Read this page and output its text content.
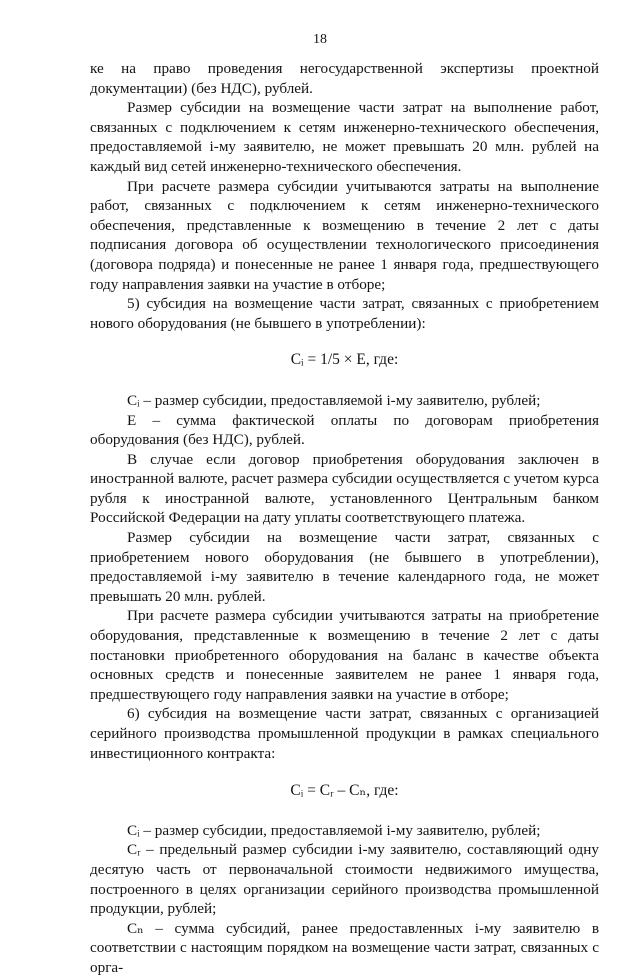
18

ке на право проведения негосударственной экспертизы проектной документации) (без НДС), рублей.

Размер субсидии на возмещение части затрат на выполнение работ, связанных с подключением к сетям инженерно-технического обеспечения, предоставляемой i-му заявителю, не может превышать 20 млн. рублей на каждый вид сетей инженерно-технического обеспечения.

При расчете размера субсидии учитываются затраты на выполнение работ, связанных с подключением к сетям инженерно-технического обеспечения, представленные к возмещению в течение 2 лет с даты подписания договора об осуществлении технологического присоединения (договора подряда) и понесенные не ранее 1 января года, предшествующего году направления заявки на участие в отборе;

5) субсидия на возмещение части затрат, связанных с приобретением нового оборудования (не бывшего в употреблении):

Сᵢ = 1/5 × Е, где:

Сᵢ – размер субсидии, предоставляемой i-му заявителю, рублей;

Е – сумма фактической оплаты по договорам приобретения оборудования (без НДС), рублей.

В случае если договор приобретения оборудования заключен в иностранной валюте, расчет размера субсидии осуществляется с учетом курса рубля к иностранной валюте, установленного Центральным банком Российской Федерации на дату уплаты соответствующего платежа.

Размер субсидии на возмещение части затрат, связанных с приобретением нового оборудования (не бывшего в употреблении), предоставляемой i-му заявителю в течение календарного года, не может превышать 20 млн. рублей.

При расчете размера субсидии учитываются затраты на приобретение оборудования, представленные к возмещению в течение 2 лет с даты постановки приобретенного оборудования на баланс в качестве объекта основных средств и понесенные заявителем не ранее 1 января года, предшествующего году направления заявки на участие в отборе;

6) субсидия на возмещение части затрат, связанных с организацией серийного производства промышленной продукции в рамках специального инвестиционного контракта:

Сᵢ = Сᵣ – Сₙ, где:

Сᵢ – размер субсидии, предоставляемой i-му заявителю, рублей;

Сᵣ – предельный размер субсидии i-му заявителю, составляющий одну десятую часть от первоначальной стоимости недвижимого имущества, построенного в целях организации серийного производства промышленной продукции, рублей;

Сₙ – сумма субсидий, ранее предоставленных i-му заявителю в соответствии с настоящим порядком на возмещение части затрат, связанных с орга-
